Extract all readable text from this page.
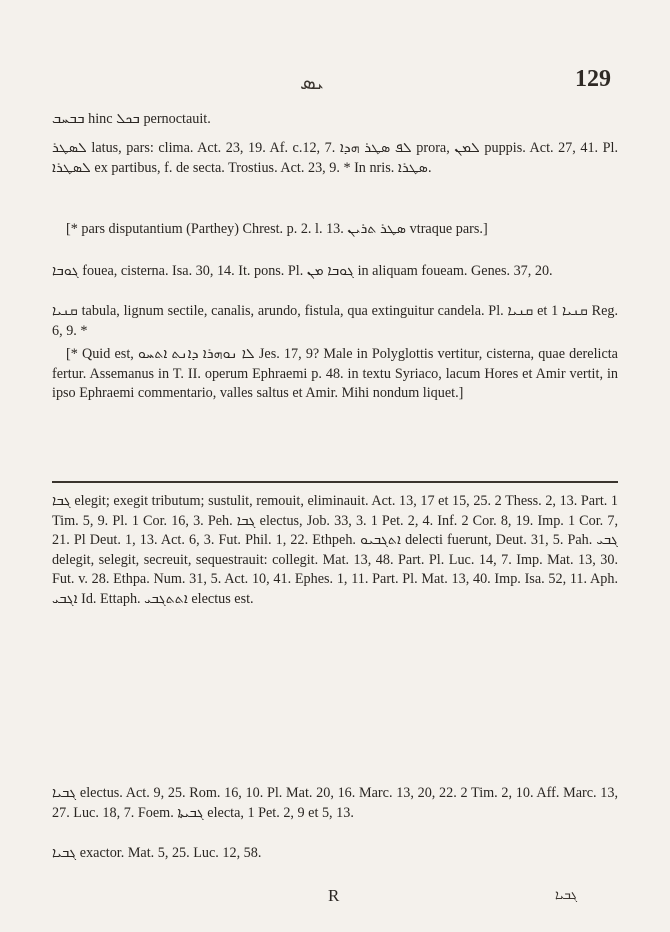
ܝܣ	129
ܒܒܚܒ hinc ܒܟܠ pernoctauit.
ܠܣܛܪ latus, pars: clima. Act. 23, 19. Af. c.12, 7. ܠܦ ܣܛܪ ܗܕܐ prora, ܠܡܢ puppis. Act. 27, 41. Pl. ܠܣܛܪܐ ex partibus, f. de secta. Trostius. Act. 23, 9. * In nris. ܣܛܪܐ.
[* pars disputantium (Parthey) Chrest. p. 2. l. 13. ܣܛܪ ܬܪܝܢ vtraque pars.]
ܓܘܒܐ fouea, cisterna. Isa. 30, 14. It. pons. Pl. ܓܘܒܐ ܡܢ in aliquam foueam. Genes. 37, 20.
ܩܢܝܐ tabula, lignum sectile, canalis, arundo, fistula, qua extinguitur candela. Pl. ܩܢܝܐ et ܩܢܝܐ 1 Reg. 6, 9. *
[* Quid est, ܠܐ ܢܘܗܪܐ ܕܐܢܬ ܐܬܚܘ Jes. 17, 9? Male in Polyglottis vertitur, cisterna, quae derelicta fertur. Assemanus in T. II. operum Ephraemi p. 48. in textu Syriaco, lacum Hores et Amir vertit, in ipso Ephraemi commentario, valles saltus et Amir. Mihi nondum liquet.]
ܓܒܐ elegit; exegit tributum; sustulit, remouit, eliminauit. Act. 13, 17 et 15, 25. 2 Thess. 2, 13. Part. 1 Tim. 5, 9. Pl. 1 Cor. 16, 3. Peh. ܓܒܐ electus, Job. 33, 3. 1 Pet. 2, 4. Inf. 2 Cor. 8, 19. Imp. 1 Cor. 7, 21. Pl Deut. 1, 13. Act. 6, 3. Fut. Phil. 1, 22. Ethpeh. ܐܬܓܒܝܘ delecti fuerunt, Deut. 31, 5. Pah. ܓܒܝ delegit, selegit, secreuit, sequestrauit: collegit. Mat. 13, 48. Part. Pl. Luc. 14, 7. Imp. Mat. 13, 30. Fut. v. 28. Ethpa. Num. 31, 5. Act. 10, 41. Ephes. 1, 11. Part. Pl. Mat. 13, 40. Imp. Isa. 52, 11. Aph. ܐܓܒܝ Id. Ettaph. ܐܬܬܓܒܝ electus est.
ܓܒܝܐ electus. Act. 9, 25. Rom. 16, 10. Pl. Mat. 20, 16. Marc. 13, 20, 22. 2 Tim. 2, 10. Aff. Marc. 13, 27. Luc. 18, 7. Foem. ܓܒܝܬܐ electa, 1 Pet. 2, 9 et 5, 13.
ܓܒܝܐ exactor. Mat. 5, 25. Luc. 12, 58.
R	ܓܒܝܐ
